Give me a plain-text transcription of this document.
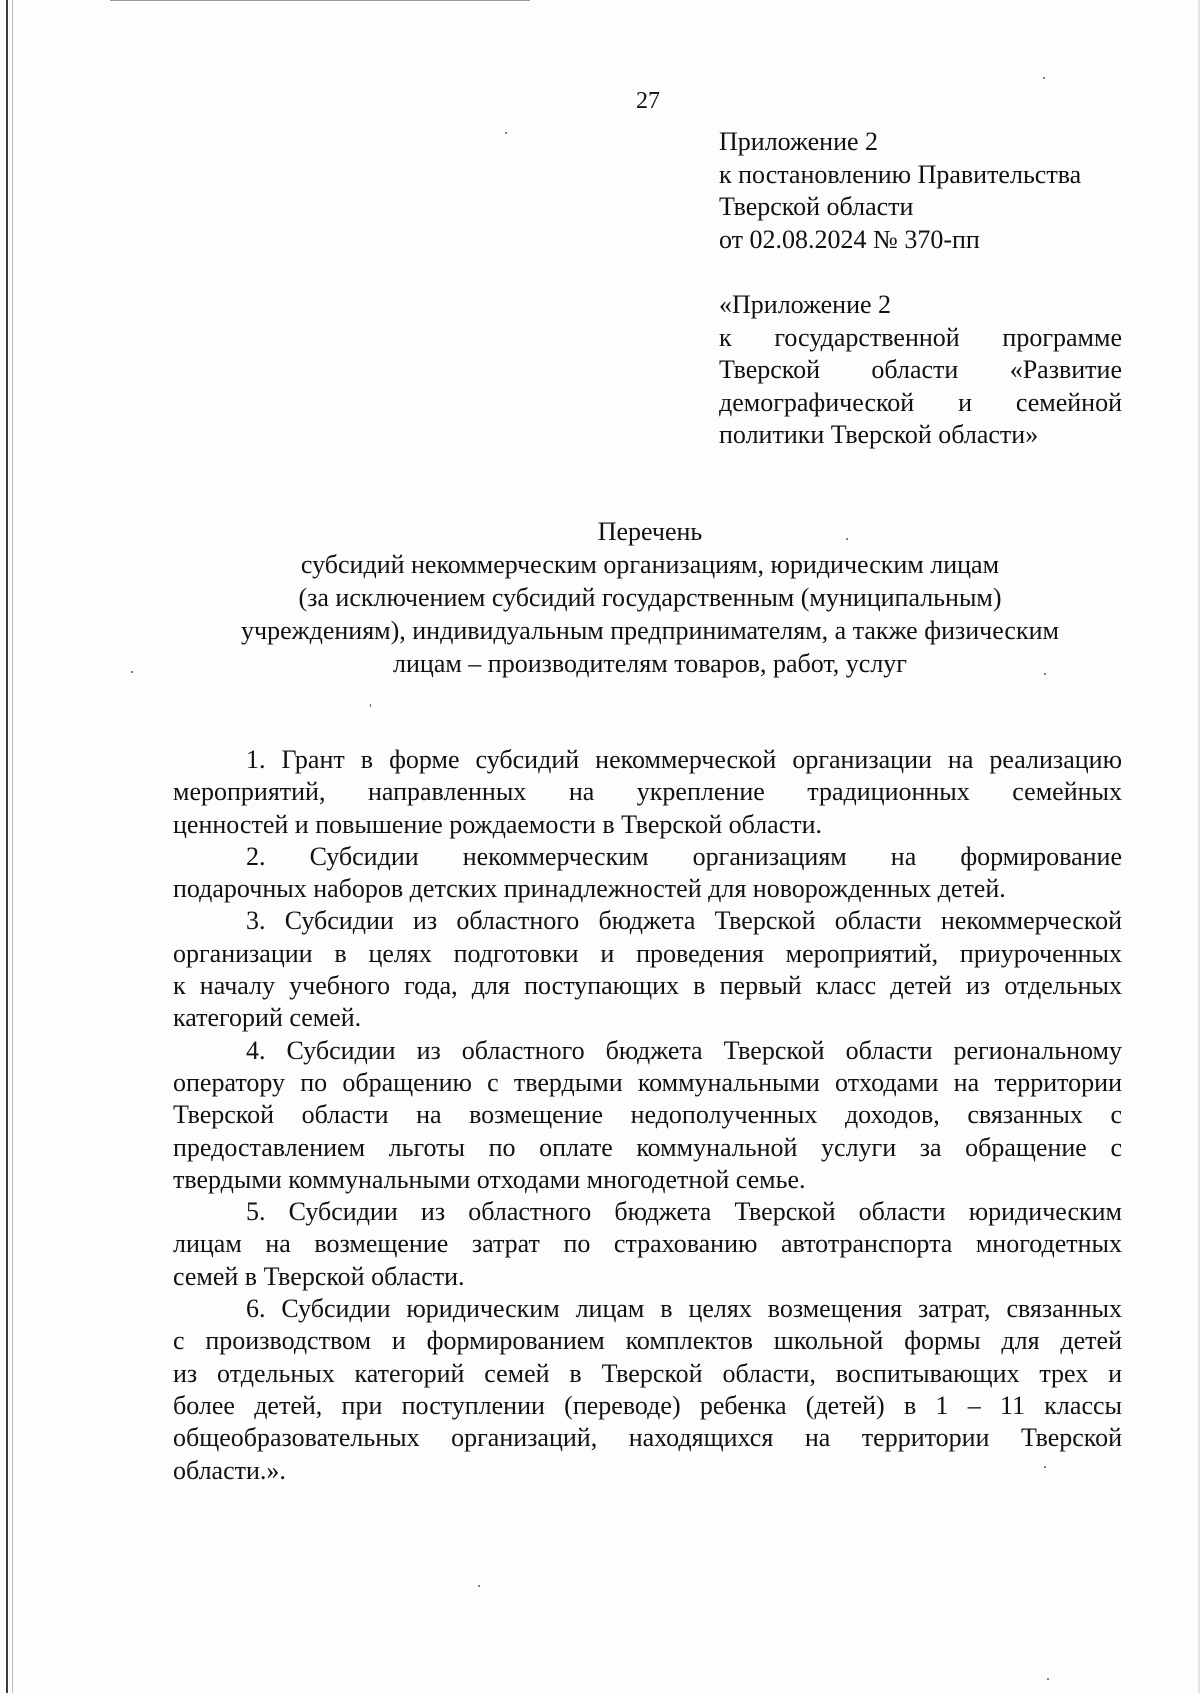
27
Приложение 2
к постановлению Правительства
Тверской области
от 02.08.2024 № 370-пп
«Приложение 2
к государственной программе
Тверской области «Развитие
демографической и семейной
политики Тверской области»
Перечень
субсидий некоммерческим организациям, юридическим лицам
(за исключением субсидий государственным (муниципальным)
учреждениям), индивидуальным предпринимателям, а также физическим
лицам – производителям товаров, работ, услуг
1. Грант в форме субсидий некоммерческой организации на реализацию
мероприятий, направленных на укрепление традиционных семейных
ценностей и повышение рождаемости в Тверской области.
2. Субсидии некоммерческим организациям на формирование
подарочных наборов детских принадлежностей для новорожденных детей.
3. Субсидии из областного бюджета Тверской области некоммерческой
организации в целях подготовки и проведения мероприятий, приуроченных
к началу учебного года, для поступающих в первый класс детей из отдельных
категорий семей.
4. Субсидии из областного бюджета Тверской области региональному
оператору по обращению с твердыми коммунальными отходами на территории
Тверской области на возмещение недополученных доходов, связанных с
предоставлением льготы по оплате коммунальной услуги за обращение с
твердыми коммунальными отходами многодетной семье.
5. Субсидии из областного бюджета Тверской области юридическим
лицам на возмещение затрат по страхованию автотранспорта многодетных
семей в Тверской области.
6. Субсидии юридическим лицам в целях возмещения затрат, связанных
с производством и формированием комплектов школьной формы для детей
из отдельных категорий семей в Тверской области, воспитывающих трех и
более детей, при поступлении (переводе) ребенка (детей) в 1 – 11 классы
общеобразовательных организаций, находящихся на территории Тверской
области.».
